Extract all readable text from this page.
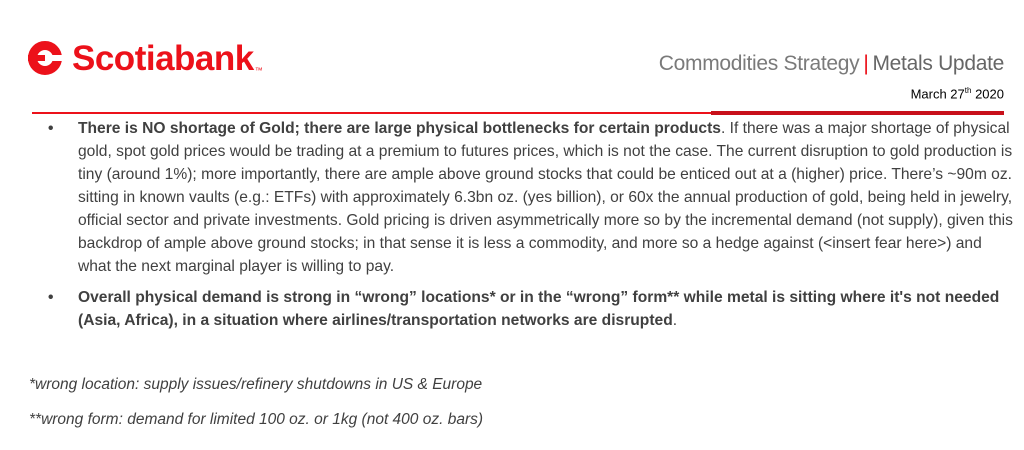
Scotiabank ™	Commodities Strategy | Metals Update
March 27th 2020
• There is NO shortage of Gold; there are large physical bottlenecks for certain products. If there was a major shortage of physical gold, spot gold prices would be trading at a premium to futures prices, which is not the case. The current disruption to gold production is tiny (around 1%); more importantly, there are ample above ground stocks that could be enticed out at a (higher) price. There’s ~90m oz. sitting in known vaults (e.g.: ETFs) with approximately 6.3bn oz. (yes billion), or 60x the annual production of gold, being held in jewelry, official sector and private investments. Gold pricing is driven asymmetrically more so by the incremental demand (not supply), given this backdrop of ample above ground stocks; in that sense it is less a commodity, and more so a hedge against (<insert fear here>) and what the next marginal player is willing to pay.
• Overall physical demand is strong in “wrong” locations* or in the “wrong” form** while metal is sitting where it's not needed (Asia, Africa), in a situation where airlines/transportation networks are disrupted.
*wrong location: supply issues/refinery shutdowns in US & Europe
**wrong form: demand for limited 100 oz. or 1kg (not 400 oz. bars)
